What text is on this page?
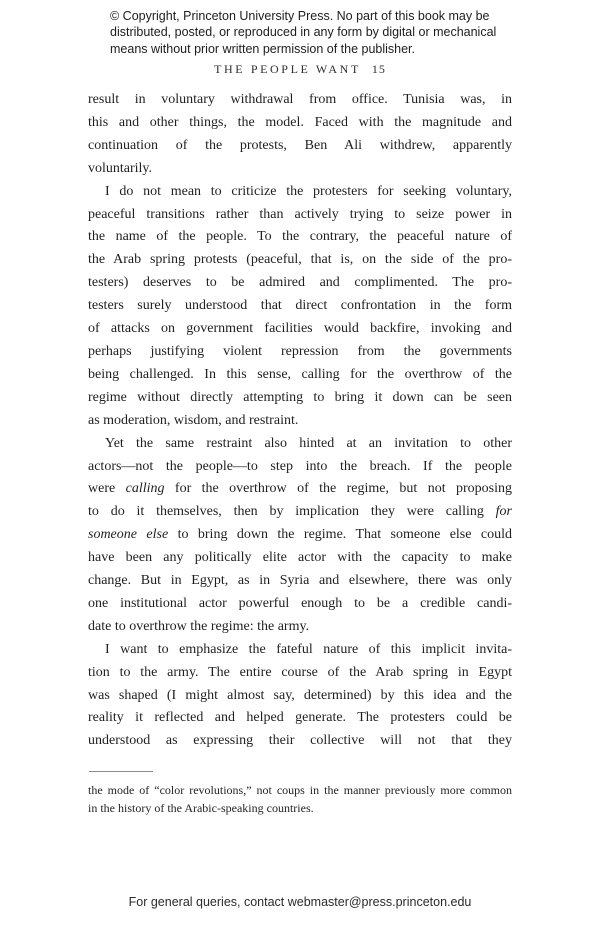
© Copyright, Princeton University Press. No part of this book may be
distributed, posted, or reproduced in any form by digital or mechanical
means without prior written permission of the publisher.
THE PEOPLE WANT 15
result in voluntary withdrawal from office. Tunisia was, in
this and other things, the model. Faced with the magnitude and
continuation of the protests, Ben Ali withdrew, apparently
voluntarily.
I do not mean to criticize the protesters for seeking voluntary,
peaceful transitions rather than actively trying to seize power in
the name of the people. To the contrary, the peaceful nature of
the Arab spring protests (peaceful, that is, on the side of the pro-
testers) deserves to be admired and complimented. The pro-
testers surely understood that direct confrontation in the form
of attacks on government facilities would backfire, invoking and
perhaps justifying violent repression from the governments
being challenged. In this sense, calling for the overthrow of the
regime without directly attempting to bring it down can be seen
as moderation, wisdom, and restraint.
Yet the same restraint also hinted at an invitation to other
actors—not the people—to step into the breach. If the people
were calling for the overthrow of the regime, but not proposing
to do it themselves, then by implication they were calling for
someone else to bring down the regime. That someone else could
have been any politically elite actor with the capacity to make
change. But in Egypt, as in Syria and elsewhere, there was only
one institutional actor powerful enough to be a credible candi-
date to overthrow the regime: the army.
I want to emphasize the fateful nature of this implicit invita-
tion to the army. The entire course of the Arab spring in Egypt
was shaped (I might almost say, determined) by this idea and the
reality it reflected and helped generate. The protesters could be
understood as expressing their collective will not that they
the mode of “color revolutions,” not coups in the manner previously more common
in the history of the Arabic-speaking countries.
For general queries, contact webmaster@press.princeton.edu
